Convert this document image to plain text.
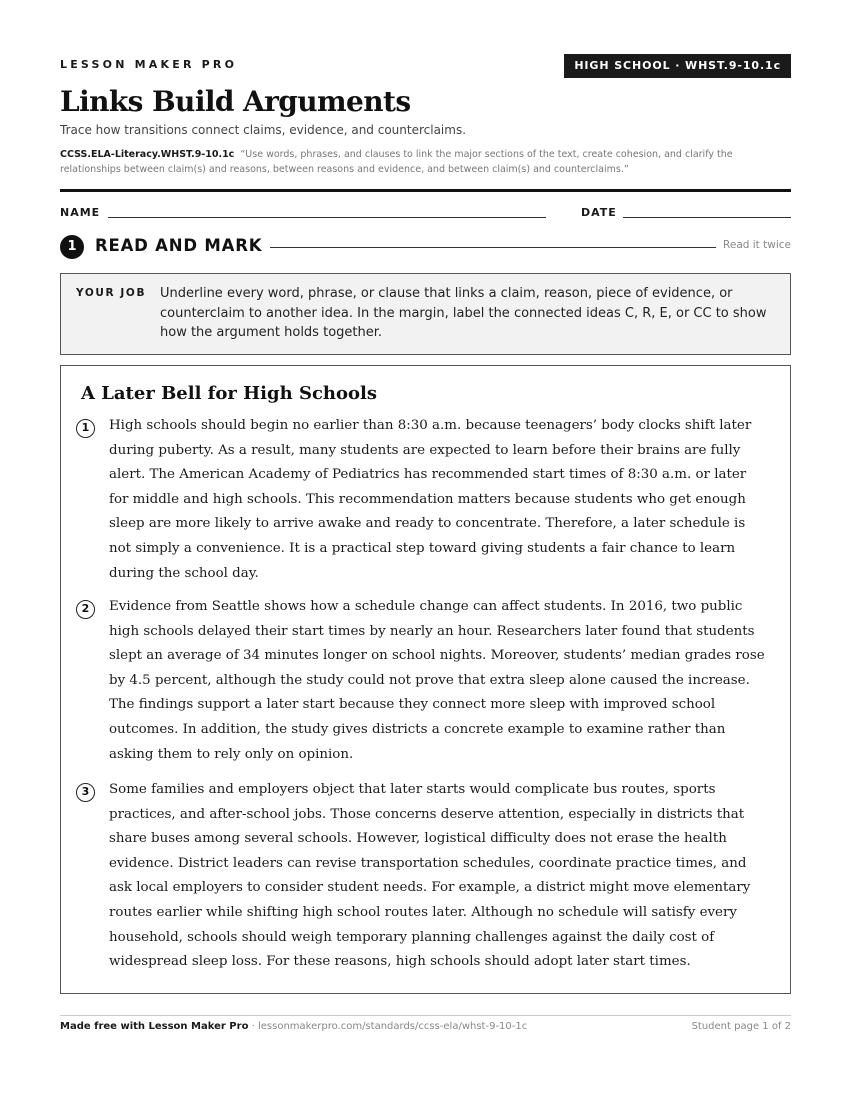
LESSON MAKER PRO	HIGH SCHOOL · WHST.9-10.1c
Links Build Arguments

Trace how transitions connect claims, evidence, and counterclaims.

CCSS.ELA-Literacy.WHST.9-10.1c “Use words, phrases, and clauses to link the major sections of the text, create cohesion, and clarify the relationships between claim(s) and reasons, between reasons and evidence, and between claim(s) and counterclaims.”

NAME	DATE
1	READ AND MARK	Read it twice
YOUR JOB Underline every word, phrase, or clause that links a claim, reason, piece of evidence, or counterclaim to another idea. In the margin, label the connected ideas C, R, E, or CC to show how the argument holds together.

A Later Bell for High Schools
1	High schools should begin no earlier than 8:30 a.m. because teenagers’ body clocks shift later during puberty. As a result, many students are expected to learn before their brains are fully alert. The American Academy of Pediatrics has recommended start times of 8:30 a.m. or later for middle and high schools. This recommendation matters because students who get enough sleep are more likely to arrive awake and ready to concentrate. Therefore, a later schedule is not simply a convenience. It is a practical step toward giving students a fair chance to learn during the school day.

2	Evidence from Seattle shows how a schedule change can affect students. In 2016, two public high schools delayed their start times by nearly an hour. Researchers later found that students slept an average of 34 minutes longer on school nights. Moreover, students’ median grades rose by 4.5 percent, although the study could not prove that extra sleep alone caused the increase. The findings support a later start because they connect more sleep with improved school outcomes. In addition, the study gives districts a concrete example to examine rather than asking them to rely only on opinion.

3	Some families and employers object that later starts would complicate bus routes, sports practices, and after-school jobs. Those concerns deserve attention, especially in districts that share buses among several schools. However, logistical difficulty does not erase the health evidence. District leaders can revise transportation schedules, coordinate practice times, and ask local employers to consider student needs. For example, a district might move elementary routes earlier while shifting high school routes later. Although no schedule will satisfy every household, schools should weigh temporary planning challenges against the daily cost of widespread sleep loss. For these reasons, high schools should adopt later start times.

Made free with Lesson Maker Pro · lessonmakerpro.com/standards/ccss-ela/whst-9-10-1c	Student page 1 of 2
